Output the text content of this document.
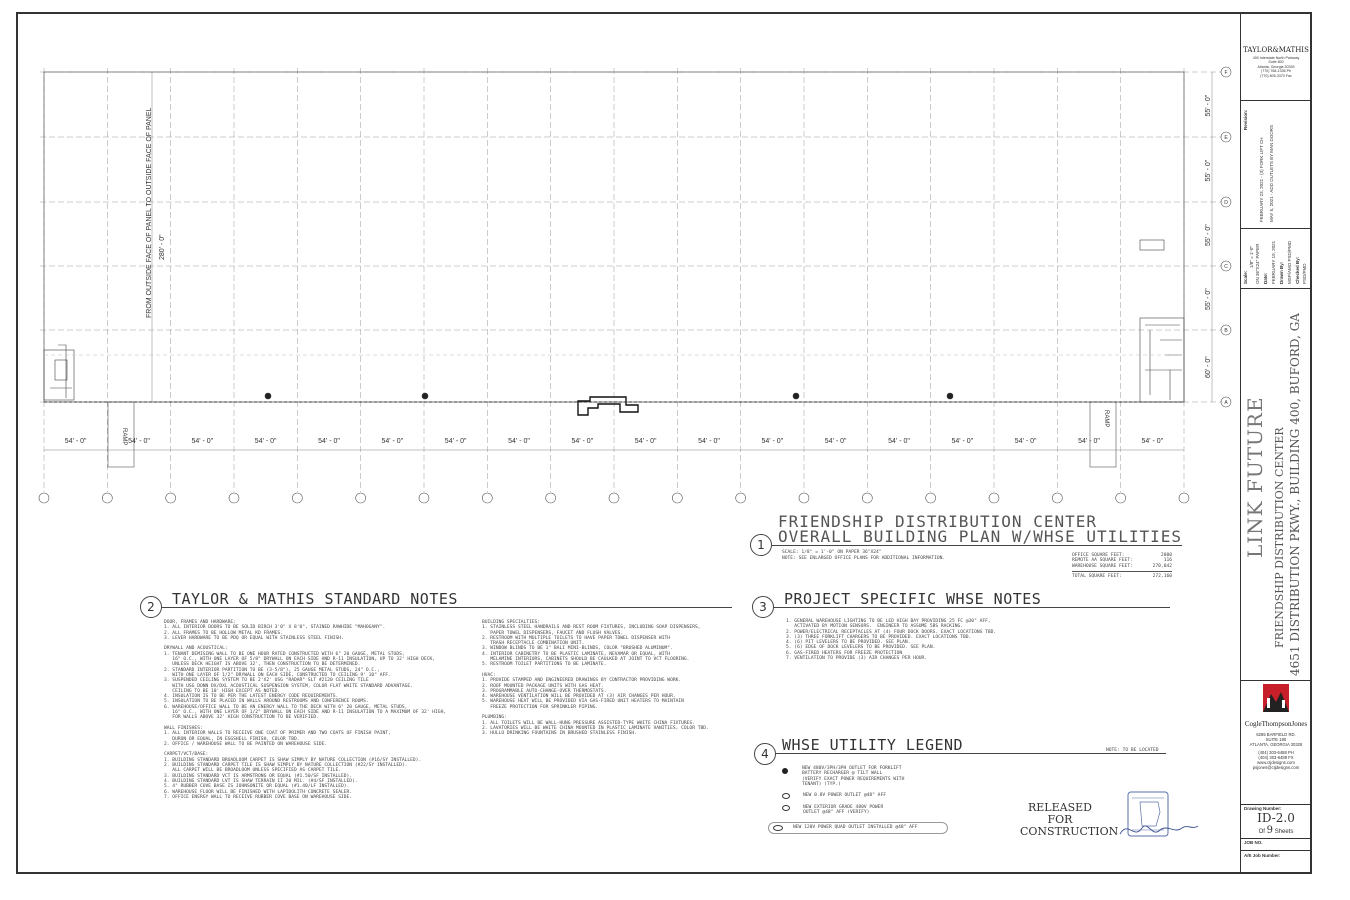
F
E
D
C
B
A
54' - 0"	54' - 0"	54' - 0"	54' - 0"	54' - 0"	54' - 0"	54' - 0"	54' - 0"	54' - 0"	54' - 0"	54' - 0"	54' - 0"	54' - 0"	54' - 0"	54' - 0"	54' - 0"	54' - 0"	54' - 0"
55' - 0"
55' - 0"
55' - 0"
55' - 0"
60' - 0"
280' - 0"
FROM OUTSIDE FACE OF PANEL TO OUTSIDE FACE OF PANEL
RAMP
RAMP
1
FRIENDSHIP DISTRIBUTION CENTER
OVERALL BUILDING PLAN W/WHSE UTILITIES
SCALE: 1/8" = 1'-0" ON PAPER 36"X24"
NOTE: SEE ENLARGED OFFICE PLANS FOR ADDITIONAL INFORMATION.
OFFICE SQUARE FEET:	2000
REMOTE AA SQUARE FEET:	116
WAREHOUSE SQUARE FEET:	270,042
TOTAL SQUARE FEET:	272,160
2	TAYLOR & MATHIS STANDARD NOTES
DOOR, FRAMES AND HARDWARE:
1. ALL INTERIOR DOORS TO BE SOLID BIRCH 3'0" X 8'0", STAINED RAWHIDE "MAHOGANY".
2. ALL FRAMES TO BE HOLLOW METAL KD FRAMES.
3. LEVER HARDWARE TO BE PDQ OR EQUAL WITH STAINLESS STEEL FINISH.

DRYWALL AND ACOUSTICAL:
1. TENANT DEMISING WALL TO BE ONE HOUR RATED CONSTRUCTED WITH 6" 20 GAUGE, METAL STUDS,
16" O.C., WITH ONE LAYER OF 5/8" DRYWALL ON EACH SIDE AND R-11 INSULATION, UP TO 32' HIGH DECK,
UNLESS DECK HEIGHT IS ABOVE 32', THEN CONSTRUCTION TO BE DETERMINED.
2. STANDARD INTERIOR PARTITION TO BE (3-5/8"), 25 GAUGE METAL STUDS, 24" O.C.,
WITH ONE LAYER OF 1/2" DRYWALL ON EACH SIDE, CONSTRUCTED TO CEILING 9' 10" AFF.
3. SUSPENDED CEILING SYSTEM TO BE 2'X2' USG "RADAR" SLT #2120 CEILING TILE
WITH USG DONN DX/DXL ACOUSTICAL SUSPENSION SYSTEM, COLOR FLAT WHITE STANDARD ADVANTAGE.
CEILING TO BE 10' HIGH EXCEPT AS NOTED.
4. INSULATION IS TO BE PER THE LATEST ENERGY CODE REQUIREMENTS.
5. INSULATION TO BE PLACED IN WALLS AROUND RESTROOMS AND CONFERENCE ROOMS.
6. WAREHOUSE/OFFICE WALL TO BE AN ENERGY WALL TO THE DECK WITH 6" 20 GAUGE, METAL STUDS,
16" O.C., WITH ONE LAYER OF 1/2" DRYWALL ON EACH SIDE AND R-11 INSULATION TO A MAXIMUM OF 32' HIGH,
FOR WALLS ABOVE 32' HIGH CONSTRUCTION TO BE VERIFIED.

WALL FINISHES:
1. ALL INTERIOR WALLS TO RECEIVE ONE COAT OF PRIMER AND TWO COATS OF FINISH PAINT,
DURON OR EQUAL, IN EGGSHELL FINISH, COLOR TBD.
2. OFFICE / WAREHOUSE WALL TO BE PAINTED ON WAREHOUSE SIDE.

CARPET/VCT/BASE:
1. BUILDING STANDARD BROADLOOM CARPET IS SHAW SIMPLY BY NATURE COLLECTION (#16/SY INSTALLED).
2. BUILDING STANDARD CARPET TILE IS SHAW SIMPLY BY NATURE COLLECTION (#22/SY INSTALLED).
ALL CARPET WILL BE BROADLOOM UNLESS SPECIFIED AS CARPET TILE.
3. BUILDING STANDARD VCT IS ARMSTRONG OR EQUAL (#1.50/SF INSTALLED).
4. BUILDING STANDARD LVT IS SHAW TERRAIN II 20 MIL. (#4/SF INSTALLED).
5. 4" RUBBER COVE BASE IS JOHNSONITE OR EQUAL (#1.40/LF INSTALLED).
6. WAREHOUSE FLOOR WILL BE FINISHED WITH LAPIDOLITH CONCRETE SEALER.
7. OFFICE ENERGY WALL TO RECEIVE RUBBER COVE BASE ON WAREHOUSE SIDE.
BUILDING SPECIALTIES:
1. STAINLESS STEEL HANDRAILS AND REST ROOM FIXTURES, INCLUDING SOAP DISPENSERS,
PAPER TOWEL DISPENSERS, FAUCET AND FLUSH VALVES.
2. RESTROOM WITH MULTIPLE TOILETS TO HAVE PAPER TOWEL DISPENSER WITH
TRASH RECEPTACLE COMBINATION UNIT.
3. WINDOW BLINDS TO BE 1" BALI MINI-BLINDS, COLOR "BRUSHED ALUMINUM".
4. INTERIOR CABINETRY TO BE PLASTIC LAMINATE, NEVAMAR OR EQUAL, WITH
MELAMINE INTERIORS, CABINETS SHOULD BE CAULKED AT JOINT TO VCT FLOORING.
5. RESTROOM TOILET PARTITIONS TO BE LAMINATE.

HVAC:
1. PROVIDE STAMPED AND ENGINEERED DRAWINGS BY CONTRACTOR PROVIDING WORK.
2. ROOF MOUNTED PACKAGE UNITS WITH GAS HEAT.
3. PROGRAMMABLE AUTO-CHANGE-OVER THERMOSTATS.
4. WAREHOUSE VENTILATION WILL BE PROVIDED AT (3) AIR CHANGES PER HOUR.
5. WAREHOUSE HEAT WILL BE PROVIDED VIA GAS-FIRED UNIT HEATERS TO MAINTAIN
FREEZE PROTECTION FOR SPRINKLER PIPING.

PLUMBING:
1. ALL TOILETS WILL BE WALL-HUNG PRESSURE ASSISTED-TYPE WHITE CHINA FIXTURES.
2. LAVATORIES WILL BE WHITE CHINA MOUNTED IN PLASTIC LAMINATE VANITIES, COLOR TBD.
3. HULLO DRINKING FOUNTAINS IN BRUSHED STAINLESS FINISH.
3	PROJECT SPECIFIC WHSE NOTES
1. GENERAL WAREHOUSE LIGHTING TO BE LED HIGH BAY PROVIDING 25 FC @30" AFF,
ACTIVATED BY MOTION SENSORS.  ENGINEER TO ASSUME 5BS RACKING.
2. POWER/ELECTRICAL RECEPTACLES AT (4) FOUR DOCK DOORS. EXACT LOCATIONS TBD.
3. (3) THREE FORKLIFT CHARGERS TO BE PROVIDED. EXACT LOCATIONS TBD.
4. (6) PIT LEVELERS TO BE PROVIDED. SEE PLAN.
5. (6) EDGE OF DOCK LEVELERS TO BE PROVIDED. SEE PLAN.
6. GAS-FIRED HEATERS FOR FREEZE PROTECTION
7. VENTILATION TO PROVIDE (3) AIR CHANGES PER HOUR.
4 WHSE UTILITY LEGEND	NOTE: TO BE LOCATED
NEW 480V/3PH/3PH OUTLET FOR FORKLIFT
BATTERY RECHARGER @ TILT WALL
(VERIFY EXACT POWER REQUIREMENTS WITH
TENANT) (TYP.)
NEW 0.8V POWER OUTLET @48" AFF
NEW EXTERIOR GRADE 480V POWER
OUTLET @48" AFF (VERIFY)
NEW 120V POWER QUAD OUTLET INSTALLED @48" AFF
RELEASED
FOR
CONSTRUCTION
TAYLOR&MATHIS
400 Interstate North Parkway
Suite 800
Atlanta, Georgia 30339
(770) 768-1336 Ph
(770) 805-3370 Fax
Revision:
FEBRUARY 23, 2021 - (3) FORK LIFT CH MAY 5, 2021 - ADD OUTLETS BY MAN DOORS
Scale:
1/8" = 1'-0" ON 36"X24" PAPER Date: FEBRUARY 19, 2021 Drawn By: MSP/AMO PSD/PMD Checked By: PSD/PMD
LINK FUTURE FRIENDSHIP DISTRIBUTION CENTER 4651 DISTRIBUTION PKWY., BUILDING 400, BUFORD, GA
CogleThompsonJones
6285 BARFIELD RD.
SUITE 180
ATLANTA, GEORGIA 30328
(404) 303-6488 PH
(404) 303-6489 FX
www.ctjdesigns.com
psjones@ctjdesigns.com
Drawing Number:
ID-2.0
Of 9 Sheets
JOB NO.
A/E Job Number:
